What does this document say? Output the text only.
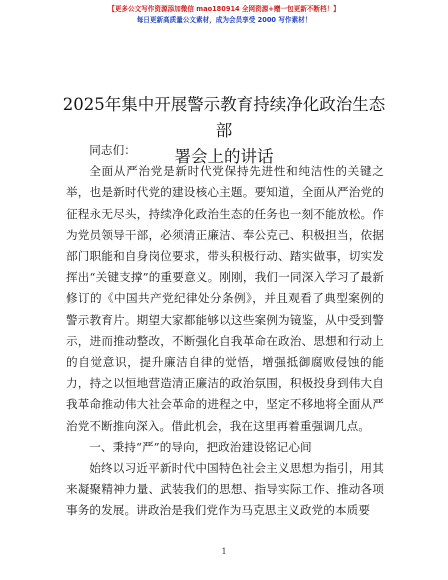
【更多公文写作资源添加微信 mao180914 全网资源+赠一包更新不断档！】
每日更新高质量公文素材，成为会员享受 2000 写作素材！
2025年集中开展警示教育持续净化政治生态部
署会上的讲话

同志们：

全面从严治党是新时代党保持先进性和纯洁性的关键之举，也是新时代党的建设核心主题。要知道，全面从严治党的征程永无尽头，持续净化政治生态的任务也一刻不能放松。作为党员领导干部，必须清正廉洁、奉公克己、积极担当，依据部门职能和自身岗位要求，带头积极行动、踏实做事，切实发挥出“关键支撑”的重要意义。刚刚，我们一同深入学习了最新修订的《中国共产党纪律处分条例》，并且观看了典型案例的警示教育片。期望大家都能够以这些案例为镜鉴，从中受到警示，进而推动整改，不断强化自我革命在政治、思想和行动上的自觉意识，提升廉洁自律的觉悟，增强抵御腐败侵蚀的能力，持之以恒地营造清正廉洁的政治氛围，积极投身到伟大自我革命推动伟大社会革命的进程之中，坚定不移地将全面从严治党不断推向深入。借此机会，我在这里再着重强调几点。

一、秉持“严”的导向，把政治建设铭记心间

始终以习近平新时代中国特色社会主义思想为指引，用其来凝聚精神力量、武装我们的思想、指导实际工作、推动各项事务的发展。讲政治是我们党作为马克思主义政党的本质要

1
